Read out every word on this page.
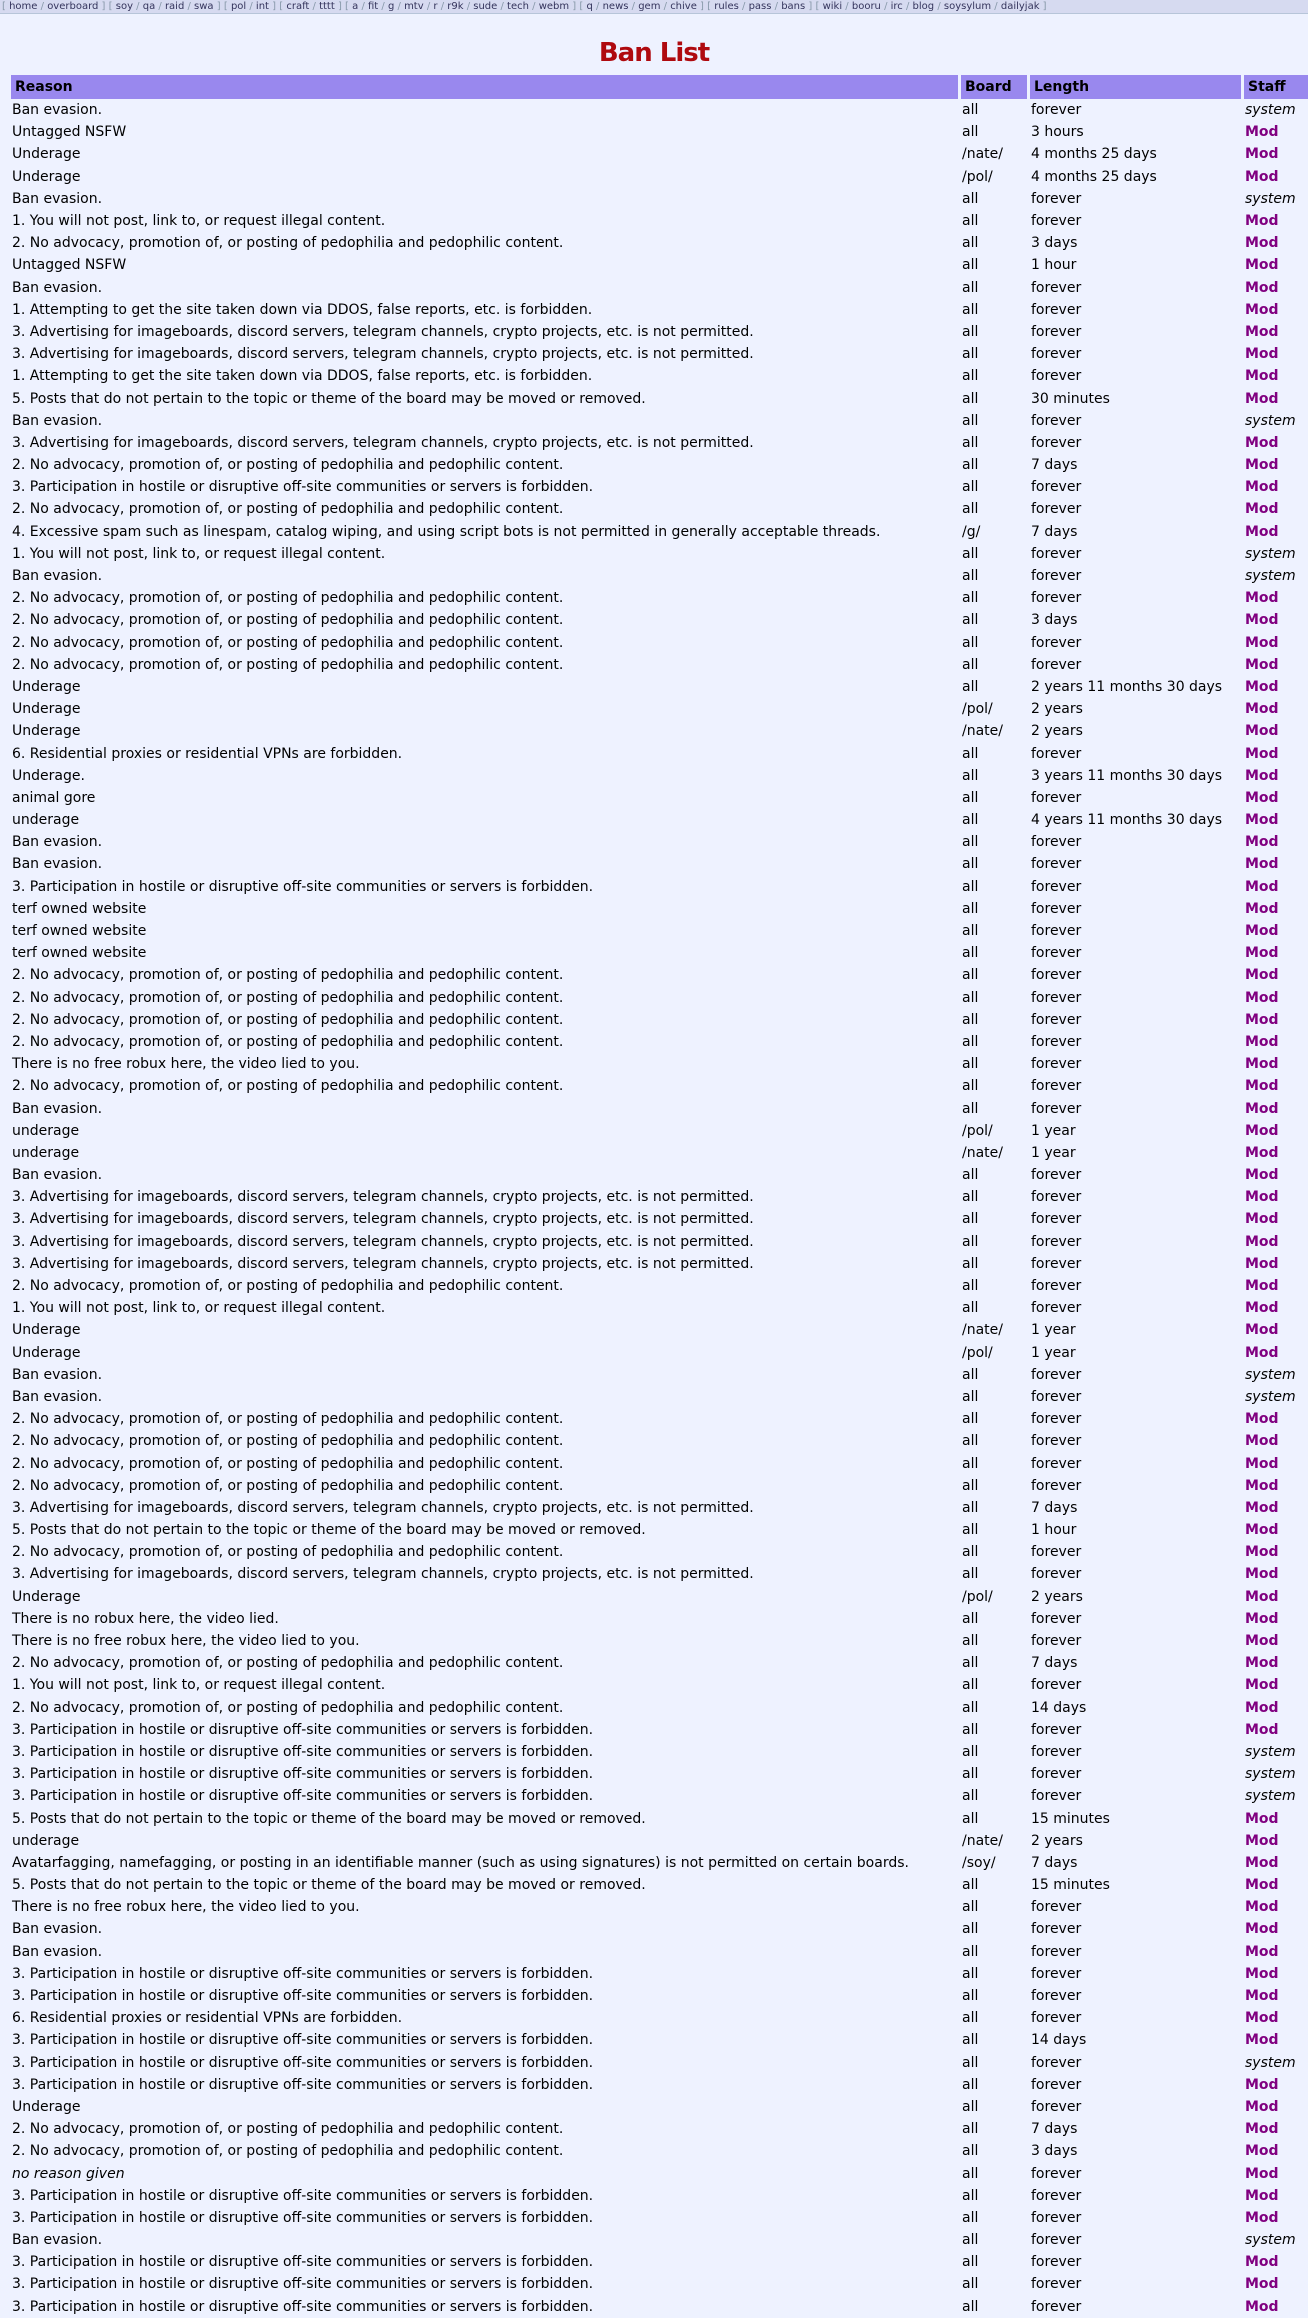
[ home / overboard ] [ soy / qa / raid / swa ] [ pol / int ] [ craft / tttt ] [ a / fit / g / mtv / r / r9k / sude / tech / webm ] [ q / news / gem / chive ] [ rules / pass / bans ] [ wiki / booru / irc / blog / soysylum / dailyjak ]
Ban List
Reason	Board	Length	Staff
Ban evasion.	all	forever	system
Untagged NSFW	all	3 hours	Mod
Underage	/nate/	4 months 25 days	Mod
Underage	/pol/	4 months 25 days	Mod
Ban evasion.	all	forever	system
1. You will not post, link to, or request illegal content.	all	forever	Mod
2. No advocacy, promotion of, or posting of pedophilia and pedophilic content.	all	3 days	Mod
Untagged NSFW	all	1 hour	Mod
Ban evasion.	all	forever	Mod
1. Attempting to get the site taken down via DDOS, false reports, etc. is forbidden.	all	forever	Mod
3. Advertising for imageboards, discord servers, telegram channels, crypto projects, etc. is not permitted.	all	forever	Mod
3. Advertising for imageboards, discord servers, telegram channels, crypto projects, etc. is not permitted.	all	forever	Mod
1. Attempting to get the site taken down via DDOS, false reports, etc. is forbidden.	all	forever	Mod
5. Posts that do not pertain to the topic or theme of the board may be moved or removed.	all	30 minutes	Mod
Ban evasion.	all	forever	system
3. Advertising for imageboards, discord servers, telegram channels, crypto projects, etc. is not permitted.	all	forever	Mod
2. No advocacy, promotion of, or posting of pedophilia and pedophilic content.	all	7 days	Mod
3. Participation in hostile or disruptive off-site communities or servers is forbidden.	all	forever	Mod
2. No advocacy, promotion of, or posting of pedophilia and pedophilic content.	all	forever	Mod
4. Excessive spam such as linespam, catalog wiping, and using script bots is not permitted in generally acceptable threads.	/g/	7 days	Mod
1. You will not post, link to, or request illegal content.	all	forever	system
Ban evasion.	all	forever	system
2. No advocacy, promotion of, or posting of pedophilia and pedophilic content.	all	forever	Mod
2. No advocacy, promotion of, or posting of pedophilia and pedophilic content.	all	3 days	Mod
2. No advocacy, promotion of, or posting of pedophilia and pedophilic content.	all	forever	Mod
2. No advocacy, promotion of, or posting of pedophilia and pedophilic content.	all	forever	Mod
Underage	all	2 years 11 months 30 days	Mod
Underage	/pol/	2 years	Mod
Underage	/nate/	2 years	Mod
6. Residential proxies or residential VPNs are forbidden.	all	forever	Mod
Underage.	all	3 years 11 months 30 days	Mod
animal gore	all	forever	Mod
underage	all	4 years 11 months 30 days	Mod
Ban evasion.	all	forever	Mod
Ban evasion.	all	forever	Mod
3. Participation in hostile or disruptive off-site communities or servers is forbidden.	all	forever	Mod
terf owned website	all	forever	Mod
terf owned website	all	forever	Mod
terf owned website	all	forever	Mod
2. No advocacy, promotion of, or posting of pedophilia and pedophilic content.	all	forever	Mod
2. No advocacy, promotion of, or posting of pedophilia and pedophilic content.	all	forever	Mod
2. No advocacy, promotion of, or posting of pedophilia and pedophilic content.	all	forever	Mod
2. No advocacy, promotion of, or posting of pedophilia and pedophilic content.	all	forever	Mod
There is no free robux here, the video lied to you.	all	forever	Mod
2. No advocacy, promotion of, or posting of pedophilia and pedophilic content.	all	forever	Mod
Ban evasion.	all	forever	Mod
underage	/pol/	1 year	Mod
underage	/nate/	1 year	Mod
Ban evasion.	all	forever	Mod
3. Advertising for imageboards, discord servers, telegram channels, crypto projects, etc. is not permitted.	all	forever	Mod
3. Advertising for imageboards, discord servers, telegram channels, crypto projects, etc. is not permitted.	all	forever	Mod
3. Advertising for imageboards, discord servers, telegram channels, crypto projects, etc. is not permitted.	all	forever	Mod
3. Advertising for imageboards, discord servers, telegram channels, crypto projects, etc. is not permitted.	all	forever	Mod
2. No advocacy, promotion of, or posting of pedophilia and pedophilic content.	all	forever	Mod
1. You will not post, link to, or request illegal content.	all	forever	Mod
Underage	/nate/	1 year	Mod
Underage	/pol/	1 year	Mod
Ban evasion.	all	forever	system
Ban evasion.	all	forever	system
2. No advocacy, promotion of, or posting of pedophilia and pedophilic content.	all	forever	Mod
2. No advocacy, promotion of, or posting of pedophilia and pedophilic content.	all	forever	Mod
2. No advocacy, promotion of, or posting of pedophilia and pedophilic content.	all	forever	Mod
2. No advocacy, promotion of, or posting of pedophilia and pedophilic content.	all	forever	Mod
3. Advertising for imageboards, discord servers, telegram channels, crypto projects, etc. is not permitted.	all	7 days	Mod
5. Posts that do not pertain to the topic or theme of the board may be moved or removed.	all	1 hour	Mod
2. No advocacy, promotion of, or posting of pedophilia and pedophilic content.	all	forever	Mod
3. Advertising for imageboards, discord servers, telegram channels, crypto projects, etc. is not permitted.	all	forever	Mod
Underage	/pol/	2 years	Mod
There is no robux here, the video lied.	all	forever	Mod
There is no free robux here, the video lied to you.	all	forever	Mod
2. No advocacy, promotion of, or posting of pedophilia and pedophilic content.	all	7 days	Mod
1. You will not post, link to, or request illegal content.	all	forever	Mod
2. No advocacy, promotion of, or posting of pedophilia and pedophilic content.	all	14 days	Mod
3. Participation in hostile or disruptive off-site communities or servers is forbidden.	all	forever	Mod
3. Participation in hostile or disruptive off-site communities or servers is forbidden.	all	forever	system
3. Participation in hostile or disruptive off-site communities or servers is forbidden.	all	forever	system
3. Participation in hostile or disruptive off-site communities or servers is forbidden.	all	forever	system
5. Posts that do not pertain to the topic or theme of the board may be moved or removed.	all	15 minutes	Mod
underage	/nate/	2 years	Mod
Avatarfagging, namefagging, or posting in an identifiable manner (such as using signatures) is not permitted on certain boards.	/soy/	7 days	Mod
5. Posts that do not pertain to the topic or theme of the board may be moved or removed.	all	15 minutes	Mod
There is no free robux here, the video lied to you.	all	forever	Mod
Ban evasion.	all	forever	Mod
Ban evasion.	all	forever	Mod
3. Participation in hostile or disruptive off-site communities or servers is forbidden.	all	forever	Mod
3. Participation in hostile or disruptive off-site communities or servers is forbidden.	all	forever	Mod
6. Residential proxies or residential VPNs are forbidden.	all	forever	Mod
3. Participation in hostile or disruptive off-site communities or servers is forbidden.	all	14 days	Mod
3. Participation in hostile or disruptive off-site communities or servers is forbidden.	all	forever	system
3. Participation in hostile or disruptive off-site communities or servers is forbidden.	all	forever	Mod
Underage	all	forever	Mod
2. No advocacy, promotion of, or posting of pedophilia and pedophilic content.	all	7 days	Mod
2. No advocacy, promotion of, or posting of pedophilia and pedophilic content.	all	3 days	Mod
no reason given	all	forever	Mod
3. Participation in hostile or disruptive off-site communities or servers is forbidden.	all	forever	Mod
3. Participation in hostile or disruptive off-site communities or servers is forbidden.	all	forever	Mod
Ban evasion.	all	forever	system
3. Participation in hostile or disruptive off-site communities or servers is forbidden.	all	forever	Mod
3. Participation in hostile or disruptive off-site communities or servers is forbidden.	all	forever	Mod
3. Participation in hostile or disruptive off-site communities or servers is forbidden.	all	forever	Mod
